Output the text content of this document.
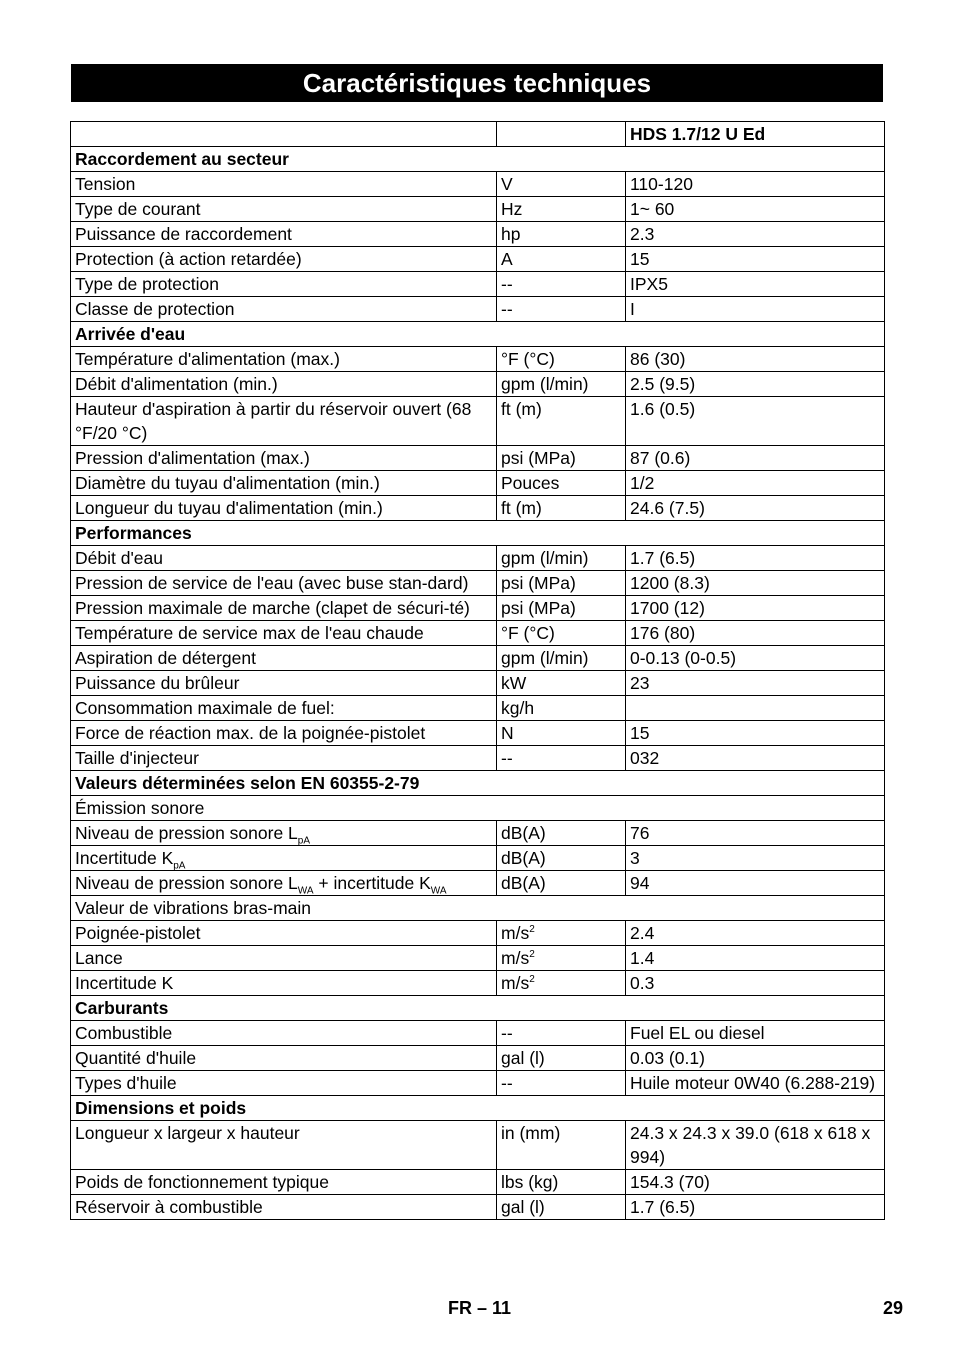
Caractéristiques techniques
		HDS 1.7/12 U Ed
Raccordement au secteur		
Tension	V	110-120
Type de courant	Hz	1~ 60
Puissance de raccordement	hp	2.3
Protection (à action retardée)	A	15
Type de protection	--	IPX5
Classe de protection	--	I
Arrivée d'eau		
Température d'alimentation (max.)	°F (°C)	86 (30)
Débit d'alimentation (min.)	gpm (l/min)	2.5 (9.5)
Hauteur d'aspiration à partir du réservoir ouvert (68 °F/20 °C)	ft (m)	1.6 (0.5)
Pression d'alimentation (max.)	psi (MPa)	87 (0.6)
Diamètre du tuyau d'alimentation (min.)	Pouces	1/2
Longueur du tuyau d'alimentation (min.)	ft (m)	24.6 (7.5)
Performances		
Débit d'eau	gpm (l/min)	1.7 (6.5)
Pression de service de l'eau (avec buse stan-dard)	psi (MPa)	1200 (8.3)
Pression maximale de marche (clapet de sécuri-té)	psi (MPa)	1700 (12)
Température de service max de l'eau chaude	°F (°C)	176 (80)
Aspiration de détergent	gpm (l/min)	0-0.13 (0-0.5)
Puissance du brûleur	kW	23
Consommation maximale de fuel:	kg/h	
Force de réaction max. de la poignée-pistolet	N	15
Taille d'injecteur	--	032
Valeurs déterminées selon EN 60355-2-79		
Émission sonore		
Niveau de pression sonore $L_{pA}$	dB(A)	76
Incertitude $K_{pA}$	dB(A)	3
Niveau de pression sonore $L_{WA}$ + incertitude $K_{WA}$	dB(A)	94
Valeur de vibrations bras-main		
Poignée-pistolet	$m/s^2$	2.4
Lance	$m/s^2$	1.4
Incertitude K	$m/s^2$	0.3
Carburants		
Combustible	--	Fuel EL ou diesel
Quantité d'huile	gal (l)	0.03 (0.1)
Types d'huile	--	Huile moteur 0W40 (6.288-219)
Dimensions et poids		
Longueur x largeur x hauteur	in (mm)	24.3 x 24.3 x 39.0 (618 x 618 x 994)
Poids de fonctionnement typique	lbs (kg)	154.3 (70)
Réservoir à combustible	gal (l)	1.7 (6.5)
FR – 11	29
